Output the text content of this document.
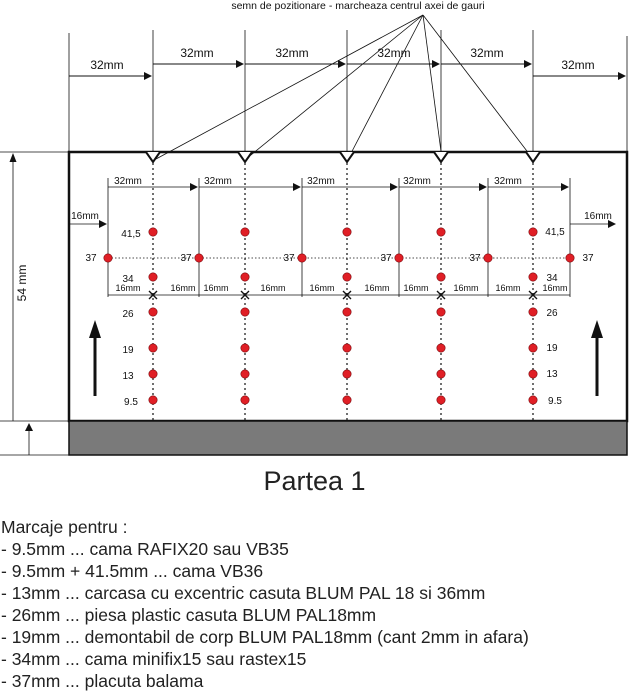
semn de pozitionare - marcheaza centrul axei de gauri
32mm
32mm	32mm	32mm	32mm
32mm
54 mm
32mm	32mm	32mm	32mm	32mm
16mm	16mm
16mm	16mm 16mm	16mm	16mm	16mm 16mm	16mm 16mm 16mm
41,5
34
26
19
13
9.5
41,5
34
26
19
13
9.5
37	37	37	37	37	37
Partea 1
Marcaje pentru :
- 9.5mm ... cama RAFIX20 sau VB35
- 9.5mm + 41.5mm ... cama VB36
- 13mm ... carcasa cu excentric casuta BLUM PAL 18 si 36mm
- 26mm ... piesa plastic casuta BLUM PAL18mm
- 19mm ... demontabil de corp BLUM PAL18mm (cant 2mm in afara)
- 34mm ... cama minifix15 sau rastex15
- 37mm ... placuta balama
